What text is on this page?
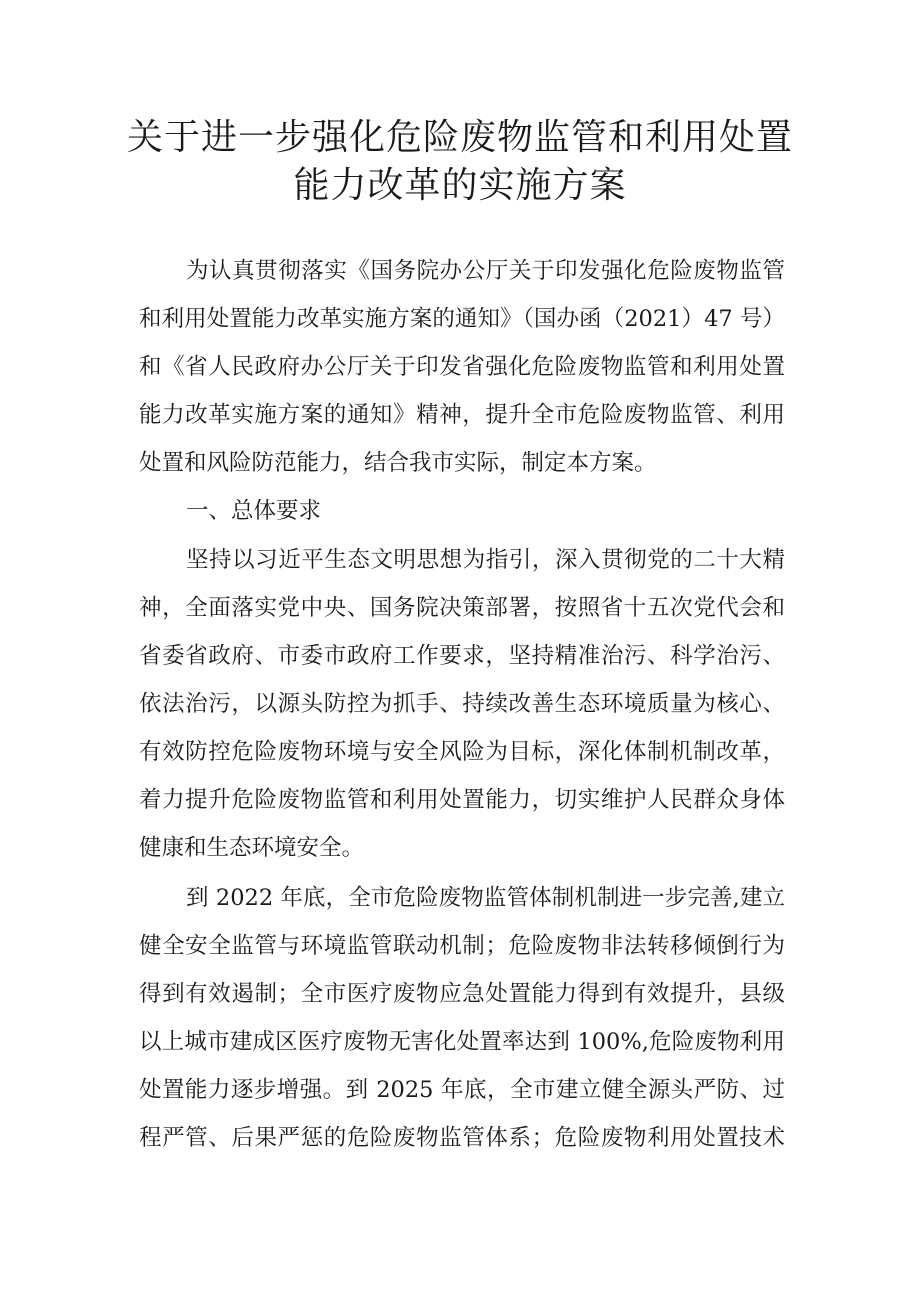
关于进一步强化危险废物监管和利用处置
能力改革的实施方案
为认真贯彻落实《国务院办公厅关于印发强化危险废物监管
和利用处置能力改革实施方案的通知》（国办函（2021）47 号）
和《省人民政府办公厅关于印发省强化危险废物监管和利用处置
能力改革实施方案的通知》精神，提升全市危险废物监管、利用
处置和风险防范能力，结合我市实际，制定本方案。
一、总体要求
坚持以习近平生态文明思想为指引，深入贯彻党的二十大精
神，全面落实党中央、国务院决策部署，按照省十五次党代会和
省委省政府、市委市政府工作要求，坚持精准治污、科学治污、
依法治污，以源头防控为抓手、持续改善生态环境质量为核心、
有效防控危险废物环境与安全风险为目标，深化体制机制改革，
着力提升危险废物监管和利用处置能力，切实维护人民群众身体
健康和生态环境安全。
到 2022 年底，全市危险废物监管体制机制进一步完善,建立
健全安全监管与环境监管联动机制；危险废物非法转移倾倒行为
得到有效遏制；全市医疗废物应急处置能力得到有效提升，县级
以上城市建成区医疗废物无害化处置率达到 100%,危险废物利用
处置能力逐步增强。到 2025 年底，全市建立健全源头严防、过
程严管、后果严惩的危险废物监管体系；危险废物利用处置技术
